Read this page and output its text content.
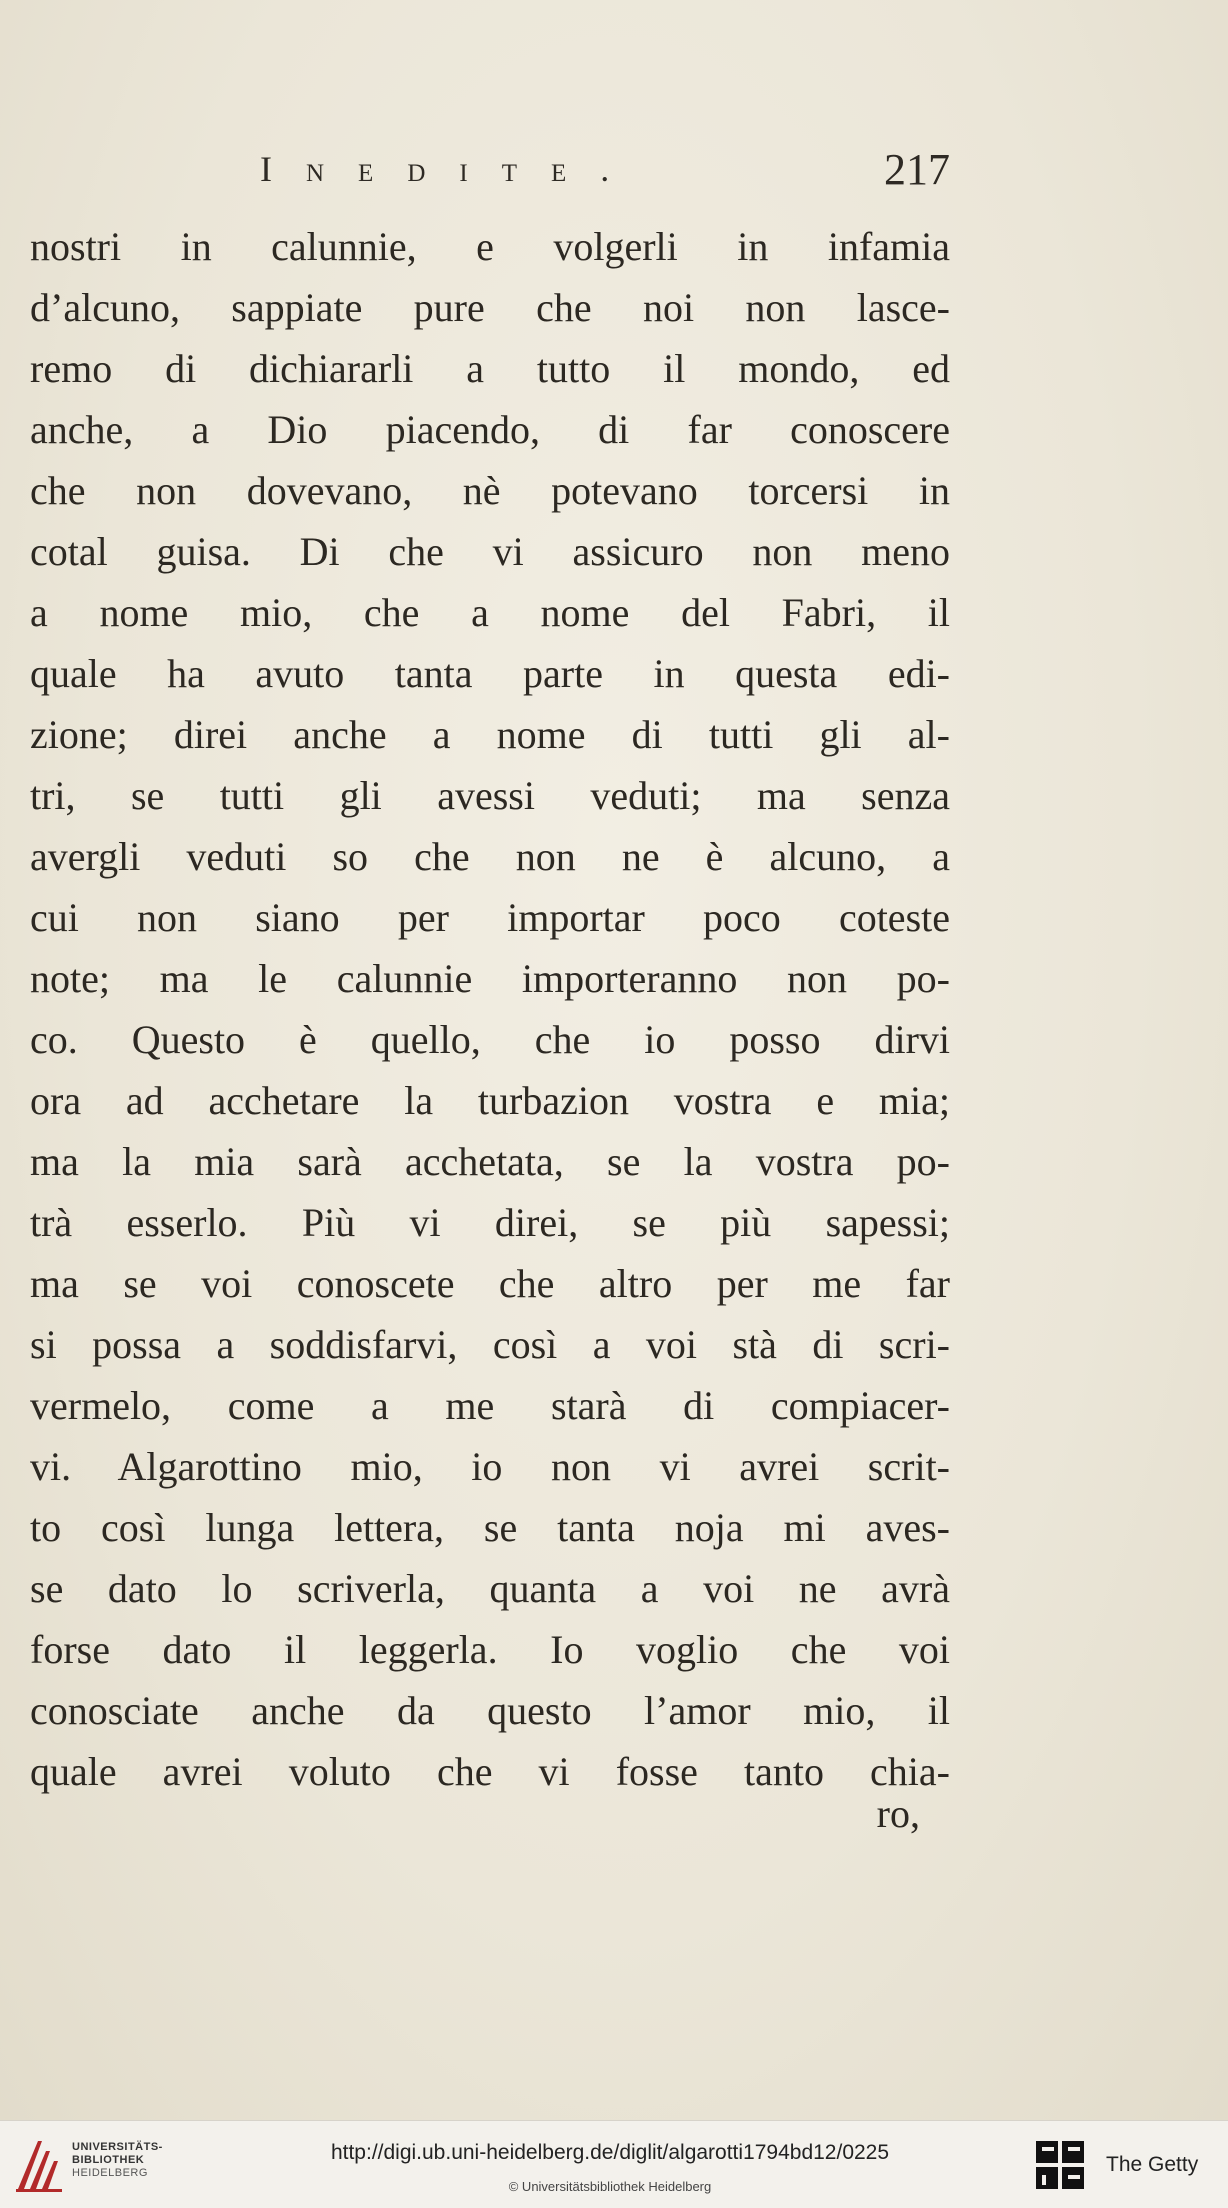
Inedite.	217
nostri in calunnie, e volgerli in infamia
d’alcuno, sappiate pure che noi non lasce-
remo di dichiararli a tutto il mondo, ed
anche, a Dio piacendo, di far conoscere
che non dovevano, nè potevano torcersi in
cotal guisa. Di che vi assicuro non meno
a nome mio, che a nome del Fabri, il
quale ha avuto tanta parte in questa edi-
zione; direi anche a nome di tutti gli al-
tri, se tutti gli avessi veduti; ma senza
avergli veduti so che non ne è alcuno, a
cui non siano per importar poco coteste
note; ma le calunnie importeranno non po-
co. Questo è quello, che io posso dirvi
ora ad acchetare la turbazion vostra e mia;
ma la mia sarà acchetata, se la vostra po-
trà esserlo. Più vi direi, se più sapessi;
ma se voi conoscete che altro per me far
si possa a soddisfarvi, così a voi stà di scri-
vermelo, come a me starà di compiacer-
vi. Algarottino mio, io non vi avrei scrit-
to così lunga lettera, se tanta noja mi aves-
se dato lo scriverla, quanta a voi ne avrà
forse dato il leggerla. Io voglio che voi
conosciate anche da questo l’amor mio, il
quale avrei voluto che vi fosse tanto chia-
ro,
UNIVERSITÄTS-
BIBLIOTHEK
HEIDELBERG
http://digi.ub.uni-heidelberg.de/diglit/algarotti1794bd12/0225
© Universitätsbibliothek Heidelberg
The Getty
